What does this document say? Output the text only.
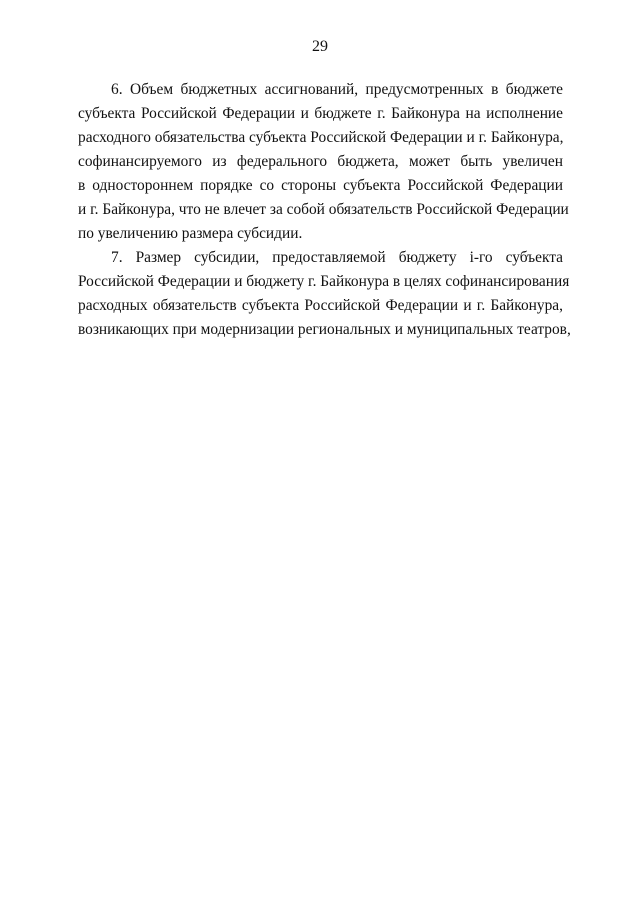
29
6. Объем бюджетных ассигнований, предусмотренных в бюджете
субъекта Российской Федерации и бюджете г. Байконура на исполнение
расходного обязательства субъекта Российской Федерации и г. Байконура,
софинансируемого из федерального бюджета, может быть увеличен
в одностороннем порядке со стороны субъекта Российской Федерации
и г. Байконура, что не влечет за собой обязательств Российской Федерации
по увеличению размера субсидии.
7. Размер субсидии, предоставляемой бюджету i-го субъекта
Российской Федерации и бюджету г. Байконура в целях софинансирования
расходных обязательств субъекта Российской Федерации и г. Байконура,
возникающих при модернизации региональных и муниципальных театров,
